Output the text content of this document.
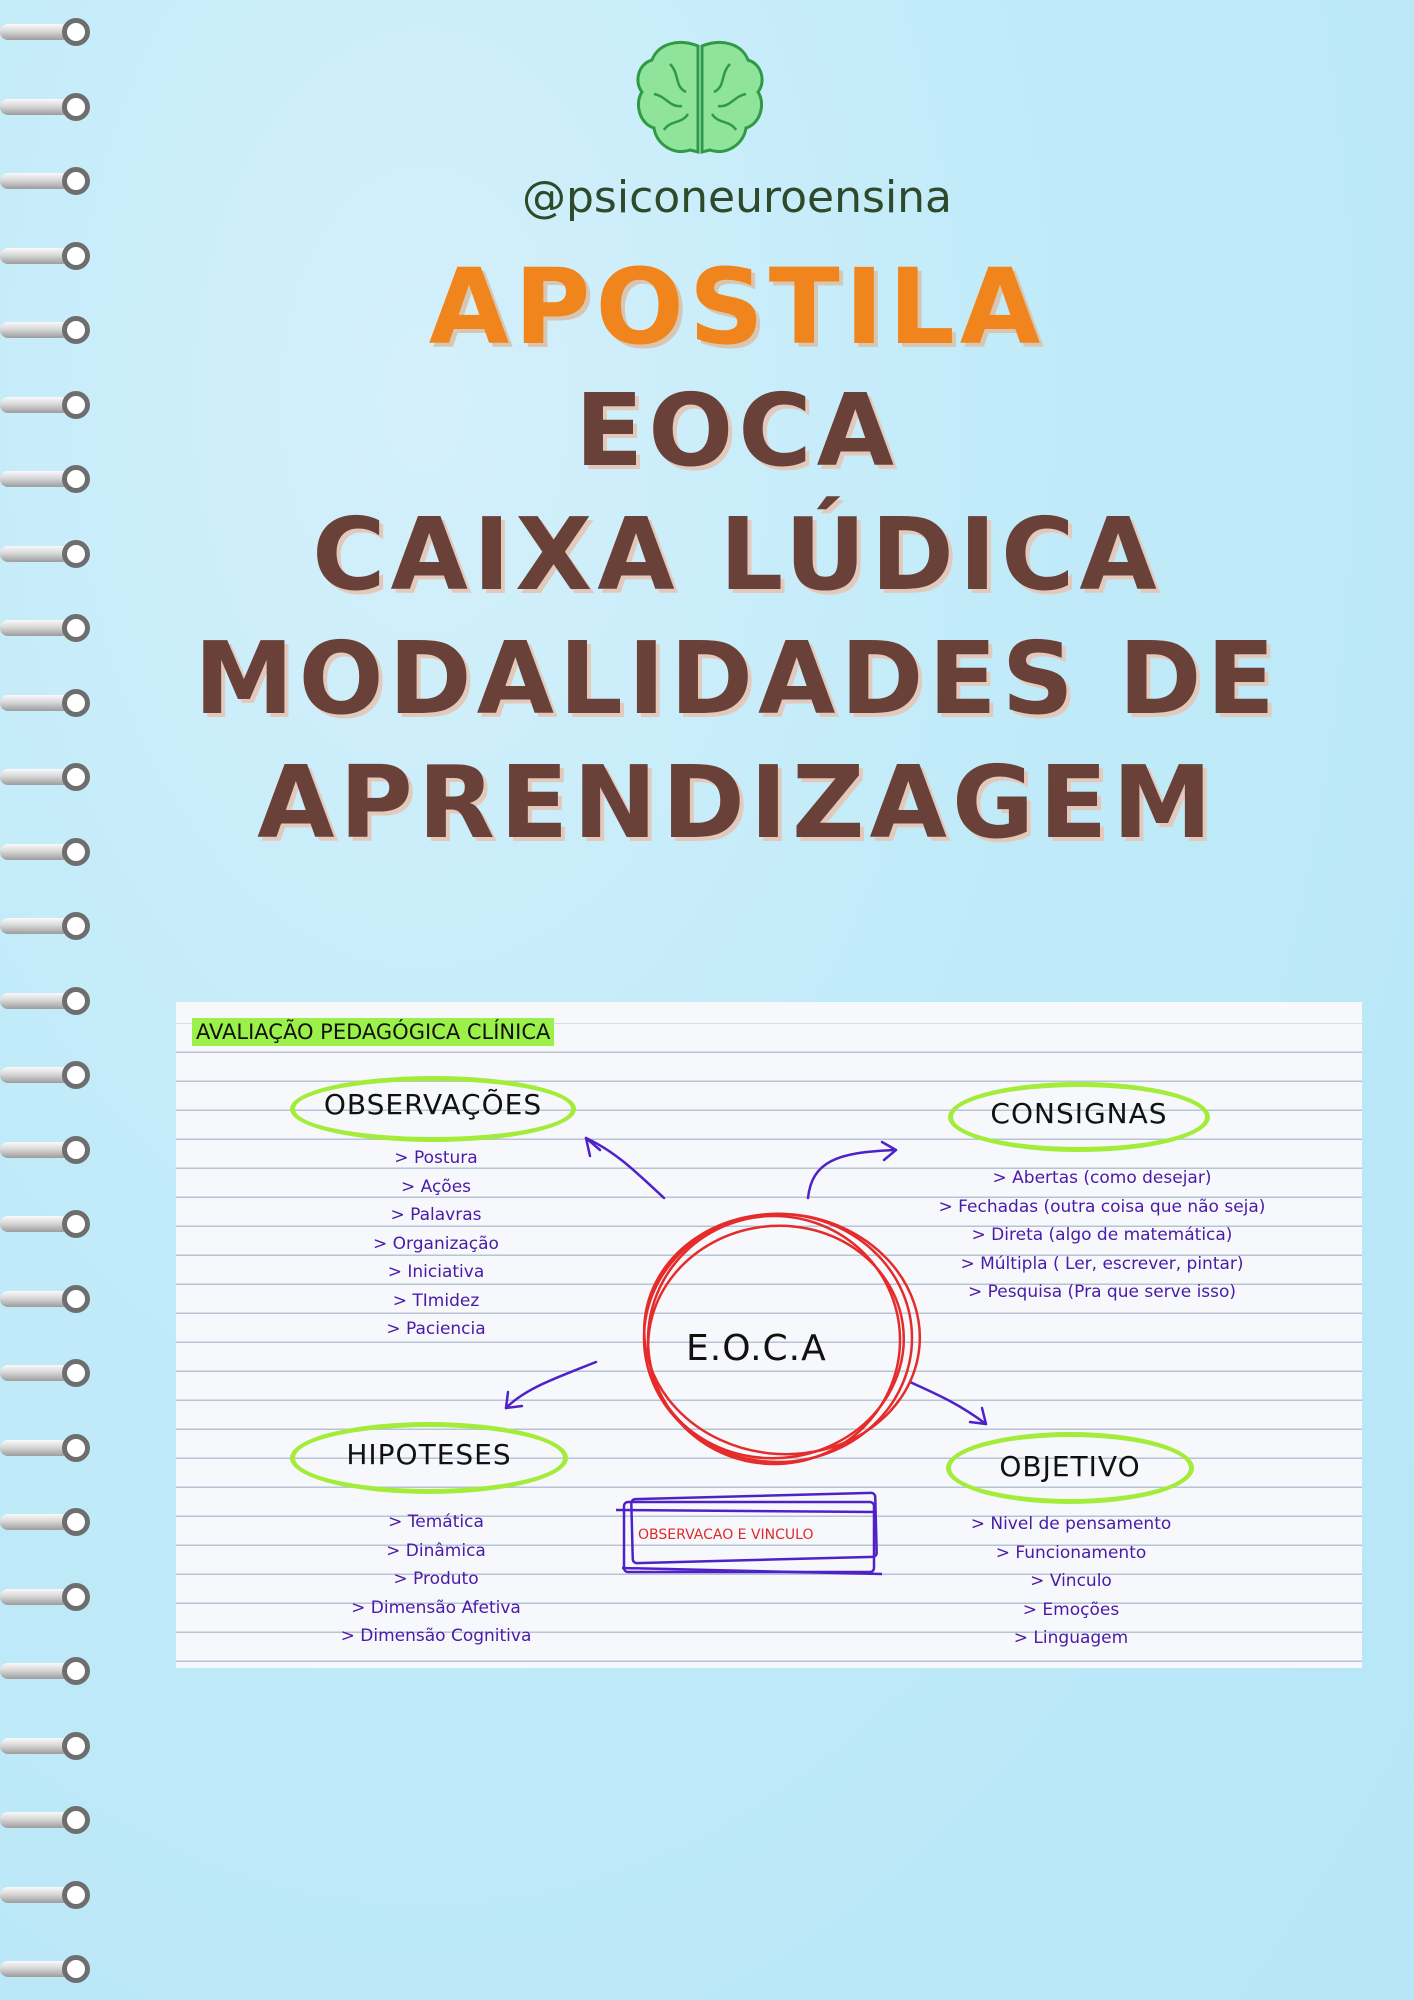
@psiconeuroensina
APOSTILA
EOCA
CAIXA LÚDICA
MODALIDADES DE
APRENDIZAGEM
AVALIAÇÃO PEDAGÓGICA CLÍNICA
OBSERVAÇÕES
> Postura
> Ações
> Palavras
> Organização
> Iniciativa
> TImidez
> Paciencia
CONSIGNAS
> Abertas (como desejar)
> Fechadas (outra coisa que não seja)
> Direta (algo de matemática)
> Múltipla ( Ler, escrever, pintar)
> Pesquisa (Pra que serve isso)
E.O.C.A
HIPOTESES
> Temática
> Dinâmica
> Produto
> Dimensão Afetiva
> Dimensão Cognitiva
OBJETIVO
> Nivel de pensamento
> Funcionamento
> Vinculo
> Emoções
> Linguagem
OBSERVACAO E VINCULO
